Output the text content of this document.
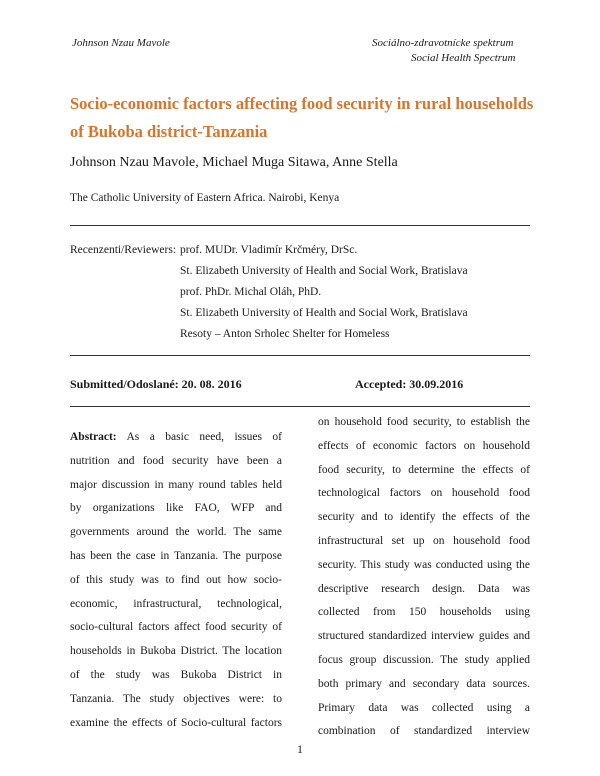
Johnson Nzau Mavole	Sociálno-zdravotnícke spektrum
Social Health Spectrum
Socio-economic factors affecting food security in rural households of Bukoba district-Tanzania
Johnson Nzau Mavole, Michael Muga Sitawa, Anne Stella
The Catholic University of Eastern Africa. Nairobi, Kenya
Recenzenti/Reviewers: prof. MUDr. Vladimír Krčméry, DrSc.
St. Elizabeth University of Health and Social Work, Bratislava
prof. PhDr. Michal Oláh, PhD.
St. Elizabeth University of Health and Social Work, Bratislava
Resoty – Anton Srholec Shelter for Homeless
Submitted/Odoslané: 20. 08. 2016	Accepted: 30.09.2016
Abstract: As a basic need, issues of
nutrition and food security have been a
major discussion in many round tables held
by organizations like FAO, WFP and
governments around the world. The same
has been the case in Tanzania. The purpose
of this study was to find out how socio-
economic, infrastructural, technological,
socio-cultural factors affect food security of
households in Bukoba District. The location
of the study was Bukoba District in
Tanzania. The study objectives were: to
examine the effects of Socio-cultural factors
on household food security, to establish the
effects of economic factors on household
food security, to determine the effects of
technological factors on household food
security and to identify the effects of the
infrastructural set up on household food
security. This study was conducted using the
descriptive research design. Data was
collected from 150 households using
structured standardized interview guides and
focus group discussion. The study applied
both primary and secondary data sources.
Primary data was collected using a
combination of standardized interview
1
